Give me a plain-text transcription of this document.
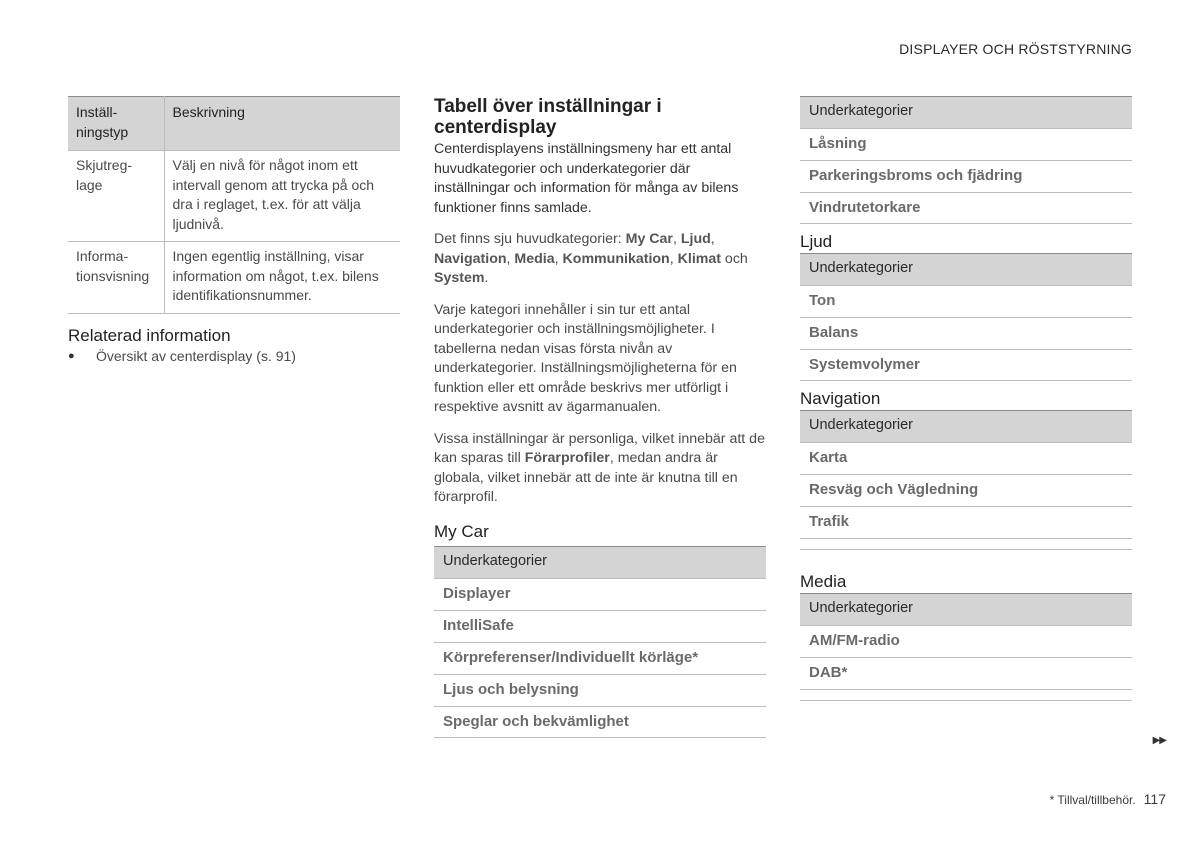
DISPLAYER OCH RÖSTSTYRNING
Inställ-
ningstyp	Beskrivning
Skjutreg-
lage	Välj en nivå för något inom ett intervall genom att trycka på och dra i reglaget, t.ex. för att välja ljudnivå.
Informa-
tionsvisning	Ingen egentlig inställning, visar information om något, t.ex. bilens identifikationsnummer.
Relaterad information
●	Översikt av centerdisplay (s. 91)
Tabell över inställningar i centerdisplay

Centerdisplayens inställningsmeny har ett antal huvudkategorier och underkategorier där inställningar och information för många av bilens funktioner finns samlade.

Det finns sju huvudkategorier: My Car, Ljud, Navigation, Media, Kommunikation, Klimat och System.

Varje kategori innehåller i sin tur ett antal underkategorier och inställningsmöjligheter. I tabellerna nedan visas första nivån av underkategorier. Inställningsmöjligheterna för en funktion eller ett område beskrivs mer utförligt i respektive avsnitt av ägarmanualen.

Vissa inställningar är personliga, vilket innebär att de kan sparas till Förarprofiler, medan andra är globala, vilket innebär att de inte är knutna till en förarprofil.

My Car
Underkategorier
Displayer
IntelliSafe
Körpreferenser/Individuellt körläge*
Ljus och belysning
Speglar och bekvämlighet
Underkategorier
Låsning
Parkeringsbroms och fjädring
Vindrutetorkare
Ljud
Underkategorier
Ton
Balans
Systemvolymer
Navigation
Underkategorier
Karta
Resväg och Vägledning
Trafik
Media
Underkategorier
AM/FM-radio
DAB*
▶▶
* Tillval/tillbehör. 117
